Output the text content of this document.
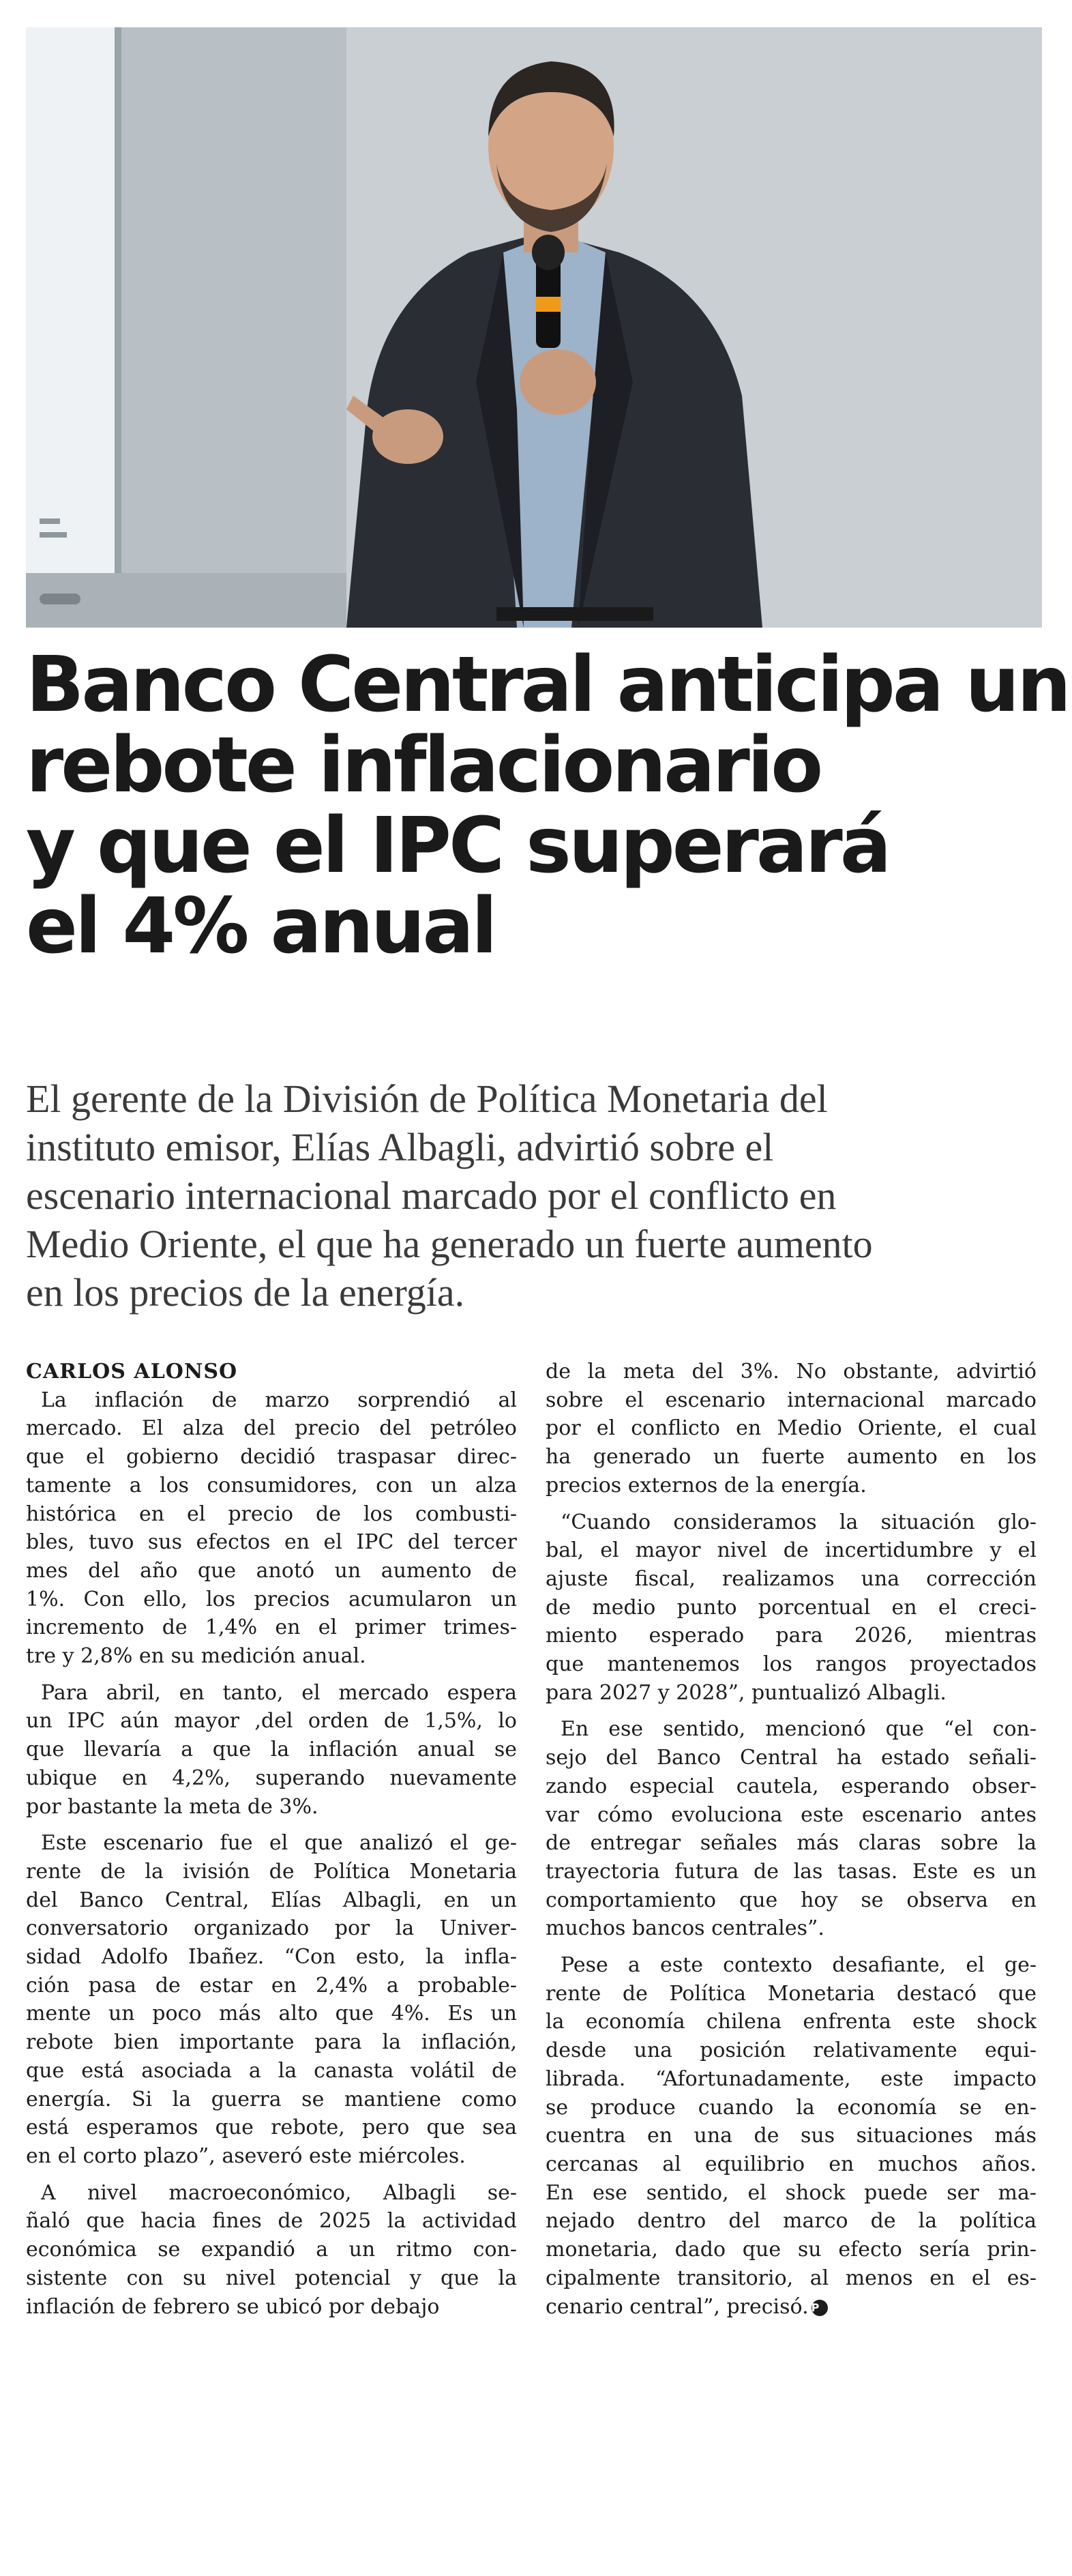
Banco Central anticipa un
rebote inflacionario
y que el IPC superará
el 4% anual
El gerente de la División de Política Monetaria del
instituto emisor, Elías Albagli, advirtió sobre el
escenario internacional marcado por el conflicto en
Medio Oriente, el que ha generado un fuerte aumento
en los precios de la energía.

CARLOS ALONSO

La inflación de marzo sorprendió al
mercado. El alza del precio del petróleo
que el gobierno decidió traspasar direc-
tamente a los consumidores, con un alza
histórica en el precio de los combusti-
bles, tuvo sus efectos en el IPC del tercer
mes del año que anotó un aumento de
1%. Con ello, los precios acumularon un
incremento de 1,4% en el primer trimes-
tre y 2,8% en su medición anual.

Para abril, en tanto, el mercado espera
un IPC aún mayor ,del orden de 1,5%, lo
que llevaría a que la inflación anual se
ubique en 4,2%, superando nuevamente
por bastante la meta de 3%.

Este escenario fue el que analizó el ge-
rente de la ivisión de Política Monetaria
del Banco Central, Elías Albagli, en un
conversatorio organizado por la Univer-
sidad Adolfo Ibañez. “Con esto, la infla-
ción pasa de estar en 2,4% a probable-
mente un poco más alto que 4%. Es un
rebote bien importante para la inflación,
que está asociada a la canasta volátil de
energía. Si la guerra se mantiene como
está esperamos que rebote, pero que sea
en el corto plazo”, aseveró este miércoles.

A nivel macroeconómico, Albagli se-
ñaló que hacia fines de 2025 la actividad
económica se expandió a un ritmo con-
sistente con su nivel potencial y que la
inflación de febrero se ubicó por debajo

de la meta del 3%. No obstante, advirtió
sobre el escenario internacional marcado
por el conflicto en Medio Oriente, el cual
ha generado un fuerte aumento en los
precios externos de la energía.

“Cuando consideramos la situación glo-
bal, el mayor nivel de incertidumbre y el
ajuste fiscal, realizamos una corrección
de medio punto porcentual en el creci-
miento esperado para 2026, mientras
que mantenemos los rangos proyectados
para 2027 y 2028”, puntualizó Albagli.

En ese sentido, mencionó que “el con-
sejo del Banco Central ha estado señali-
zando especial cautela, esperando obser-
var cómo evoluciona este escenario antes
de entregar señales más claras sobre la
trayectoria futura de las tasas. Este es un
comportamiento que hoy se observa en
muchos bancos centrales”.

Pese a este contexto desafiante, el ge-
rente de Política Monetaria destacó que
la economía chilena enfrenta este shock
desde una posición relativamente equi-
librada. “Afortunadamente, este impacto
se produce cuando la economía se en-
cuentra en una de sus situaciones más
cercanas al equilibrio en muchos años.
En ese sentido, el shock puede ser ma-
nejado dentro del marco de la política
monetaria, dado que su efecto sería prin-
cipalmente transitorio, al menos en el es-
cenario central”, precisó. P
